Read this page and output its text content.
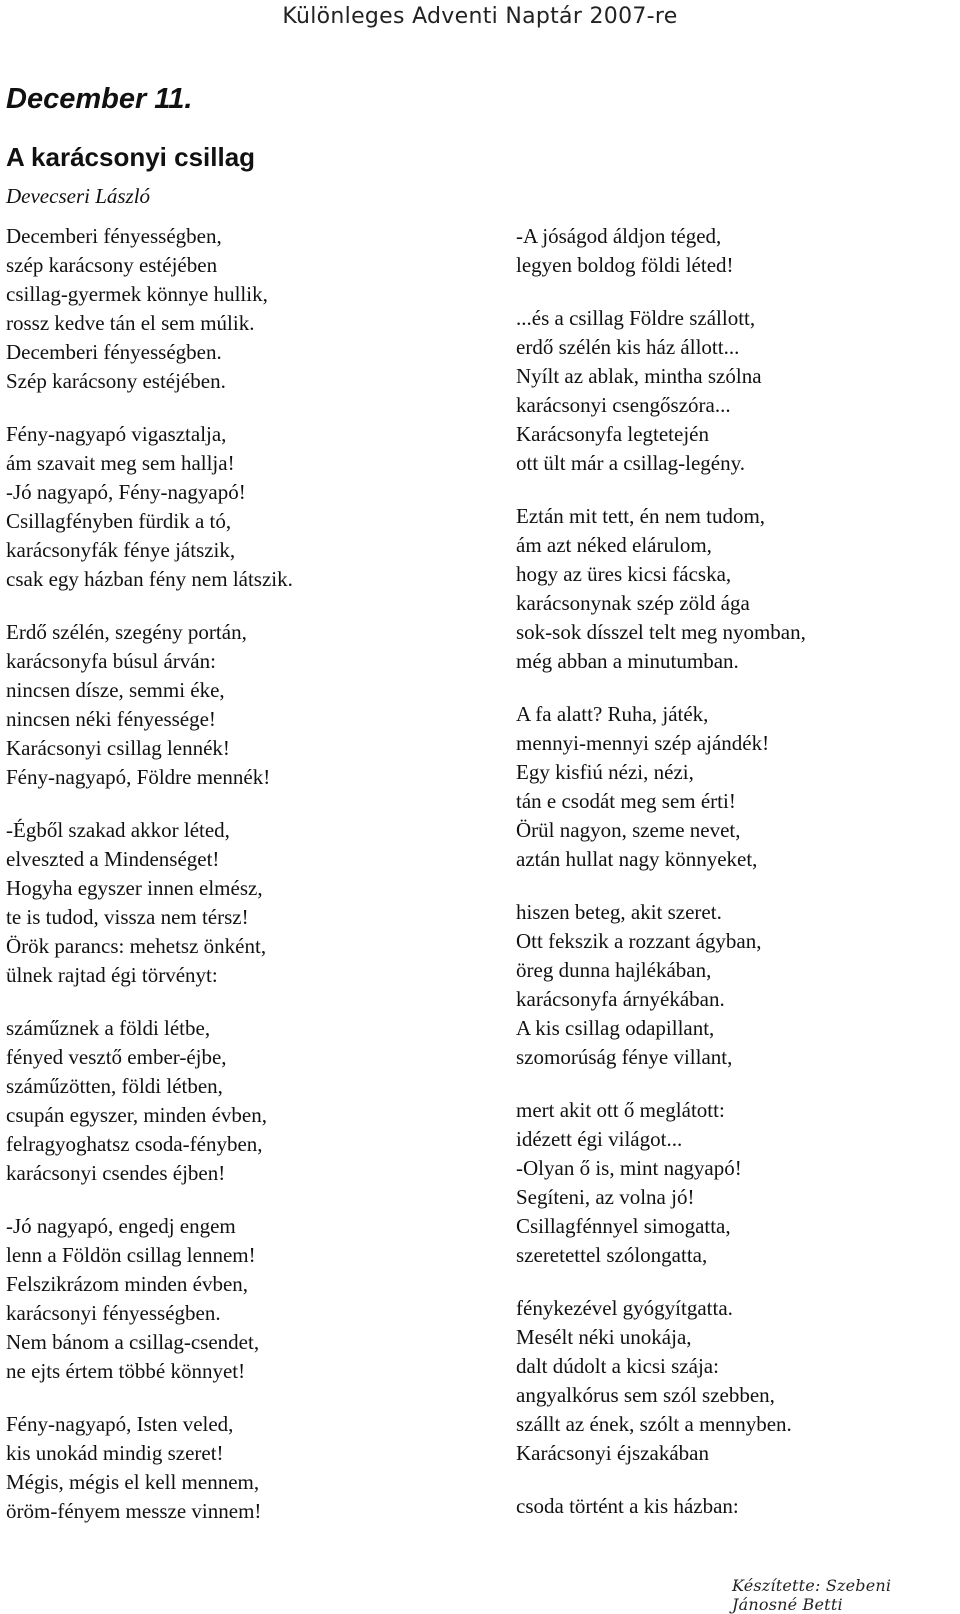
Különleges Adventi Naptár 2007-re
December 11.
A karácsonyi csillag
Devecseri László
Decemberi fényességben,
szép karácsony estéjében
csillag-gyermek könnye hullik,
rossz kedve tán el sem múlik.
Decemberi fényességben.
Szép karácsony estéjében.
Fény-nagyapó vigasztalja,
ám szavait meg sem hallja!
-Jó nagyapó, Fény-nagyapó!
Csillagfényben fürdik a tó,
karácsonyfák fénye játszik,
csak egy házban fény nem látszik.
Erdő szélén, szegény portán,
karácsonyfa búsul árván:
nincsen dísze, semmi éke,
nincsen néki fényessége!
Karácsonyi csillag lennék!
Fény-nagyapó, Földre mennék!
-Égből szakad akkor léted,
elveszted a Mindenséget!
Hogyha egyszer innen elmész,
te is tudod, vissza nem térsz!
Örök parancs: mehetsz önként,
ülnek rajtad égi törvényt:
száműznek a földi létbe,
fényed vesztő ember-éjbe,
száműzötten, földi létben,
csupán egyszer, minden évben,
felragyoghatsz csoda-fényben,
karácsonyi csendes éjben!
-Jó nagyapó, engedj engem
lenn a Földön csillag lennem!
Felszikrázom minden évben,
karácsonyi fényességben.
Nem bánom a csillag-csendet,
ne ejts értem többé könnyet!
Fény-nagyapó, Isten veled,
kis unokád mindig szeret!
Mégis, mégis el kell mennem,
öröm-fényem messze vinnem!
-A jóságod áldjon téged,
legyen boldog földi léted!
...és a csillag Földre szállott,
erdő szélén kis ház állott...
Nyílt az ablak, mintha szólna
karácsonyi csengőszóra...
Karácsonyfa legtetején
ott ült már a csillag-legény.
Eztán mit tett, én nem tudom,
ám azt néked elárulom,
hogy az üres kicsi fácska,
karácsonynak szép zöld ága
sok-sok dísszel telt meg nyomban,
még abban a minutumban.
A fa alatt? Ruha, játék,
mennyi-mennyi szép ajándék!
Egy kisfiú nézi, nézi,
tán e csodát meg sem érti!
Örül nagyon, szeme nevet,
aztán hullat nagy könnyeket,
hiszen beteg, akit szeret.
Ott fekszik a rozzant ágyban,
öreg dunna hajlékában,
karácsonyfa árnyékában.
A kis csillag odapillant,
szomorúság fénye villant,
mert akit ott ő meglátott:
idézett égi világot...
-Olyan ő is, mint nagyapó!
Segíteni, az volna jó!
Csillagfénnyel simogatta,
szeretettel szólongatta,
fénykezével gyógyítgatta.
Mesélt néki unokája,
dalt dúdolt a kicsi szája:
angyalkórus sem szól szebben,
szállt az ének, szólt a mennyben.
Karácsonyi éjszakában
csoda történt a kis házban:
Készítette: Szebeni Jánosné Betti
